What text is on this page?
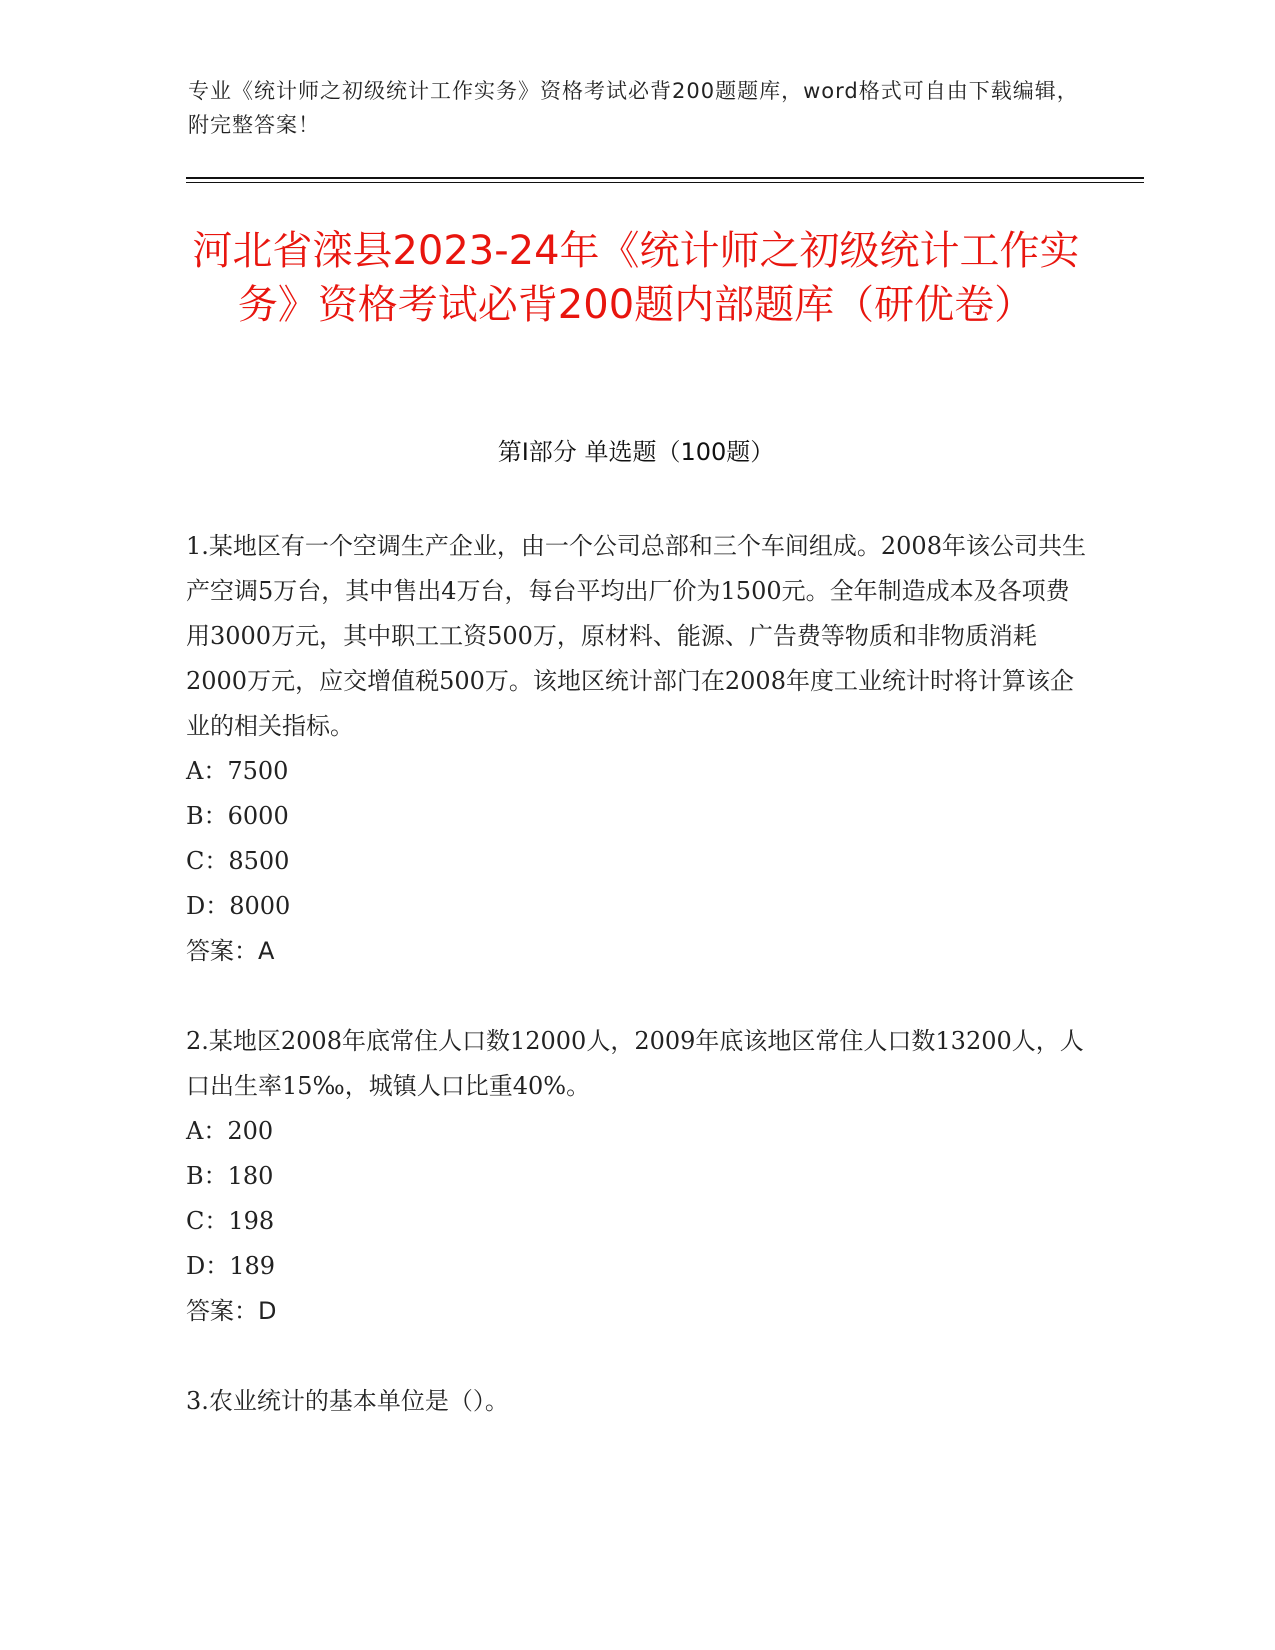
专业《统计师之初级统计工作实务》资格考试必背200题题库，word格式可自由下载编辑，附完整答案！
河北省滦县2023-24年《统计师之初级统计工作实务》资格考试必背200题内部题库（研优卷）
第I部分 单选题（100题）

1.某地区有一个空调生产企业，由一个公司总部和三个车间组成。2008年该公司共生产空调5万台，其中售出4万台，每台平均出厂价为1500元。全年制造成本及各项费用3000万元，其中职工工资500万，原材料、能源、广告费等物质和非物质消耗2000万元，应交增值税500万。该地区统计部门在2008年度工业统计时将计算该企业的相关指标。

A：7500

B：6000

C：8500

D：8000

答案：A

2.某地区2008年底常住人口数12000人，2009年底该地区常住人口数13200人，人口出生率15‰，城镇人口比重40%。

A：200

B：180

C：198

D：189

答案：D

3.农业统计的基本单位是（）。
